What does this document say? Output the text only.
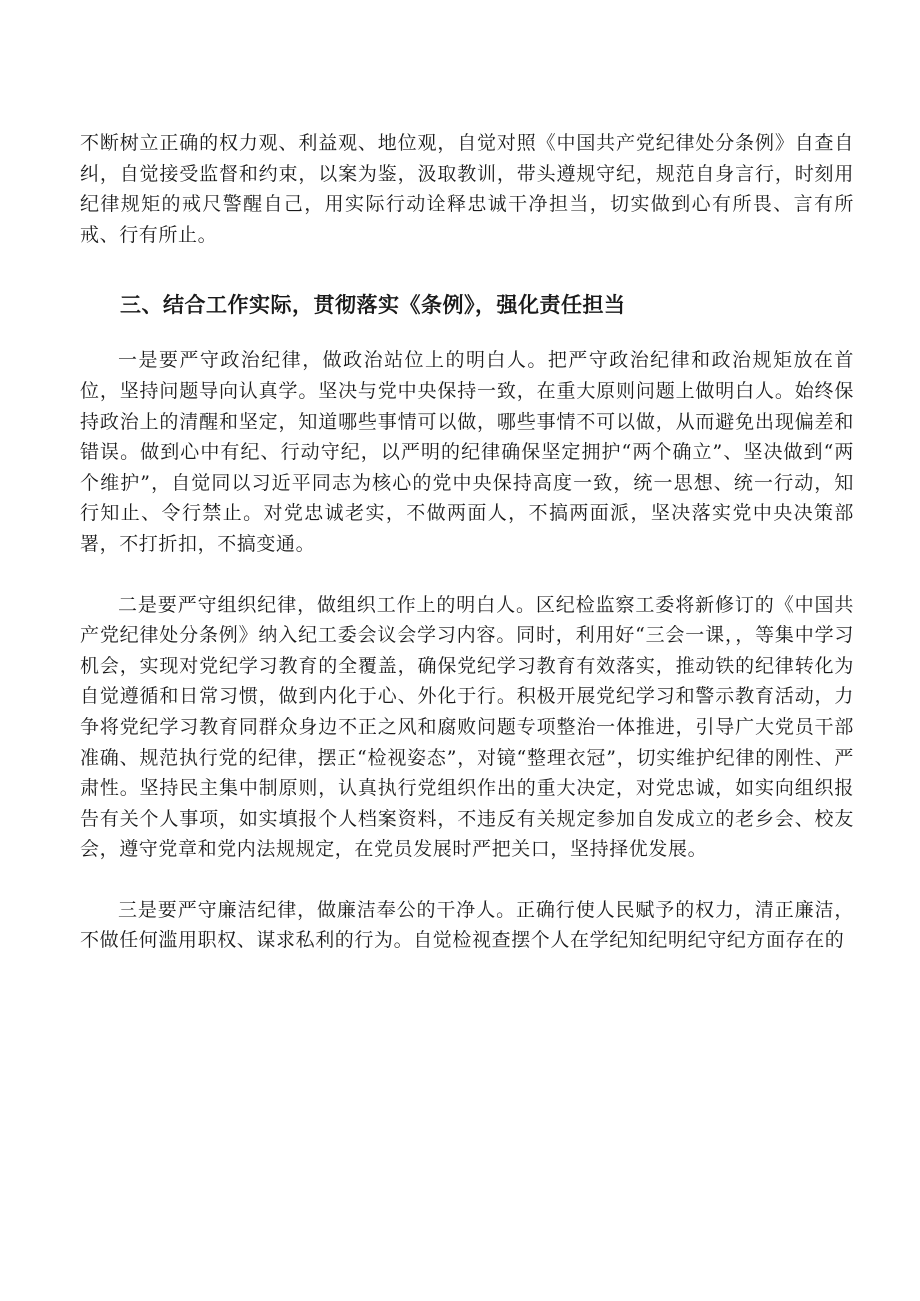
不断树立正确的权力观、利益观、地位观，自觉对照《中国共产党纪律处分条例》自查自纠，自觉接受监督和约束，以案为鉴，汲取教训，带头遵规守纪，规范自身言行，时刻用纪律规矩的戒尺警醒自己，用实际行动诠释忠诚干净担当，切实做到心有所畏、言有所戒、行有所止。

三、结合工作实际，贯彻落实《条例》，强化责任担当

一是要严守政治纪律，做政治站位上的明白人。把严守政治纪律和政治规矩放在首位，坚持问题导向认真学。坚决与党中央保持一致，在重大原则问题上做明白人。始终保持政治上的清醒和坚定，知道哪些事情可以做，哪些事情不可以做，从而避免出现偏差和错误。做到心中有纪、行动守纪，以严明的纪律确保坚定拥护“两个确立”、坚决做到“两个维护”，自觉同以习近平同志为核心的党中央保持高度一致，统一思想、统一行动，知行知止、令行禁止。对党忠诚老实，不做两面人，不搞两面派，坚决落实党中央决策部署，不打折扣，不搞变通。

二是要严守组织纪律，做组织工作上的明白人。区纪检监察工委将新修订的《中国共产党纪律处分条例》纳入纪工委会议会学习内容。同时，利用好“三会一课，，等集中学习机会，实现对党纪学习教育的全覆盖，确保党纪学习教育有效落实，推动铁的纪律转化为自觉遵循和日常习惯，做到内化于心、外化于行。积极开展党纪学习和警示教育活动，力争将党纪学习教育同群众身边不正之风和腐败问题专项整治一体推进，引导广大党员干部准确、规范执行党的纪律，摆正“检视姿态”，对镜“整理衣冠”，切实维护纪律的刚性、严肃性。坚持民主集中制原则，认真执行党组织作出的重大决定，对党忠诚，如实向组织报告有关个人事项，如实填报个人档案资料，不违反有关规定参加自发成立的老乡会、校友会，遵守党章和党内法规规定，在党员发展时严把关口，坚持择优发展。

三是要严守廉洁纪律，做廉洁奉公的干净人。正确行使人民赋予的权力，清正廉洁，不做任何滥用职权、谋求私利的行为。自觉检视查摆个人在学纪知纪明纪守纪方面存在的
